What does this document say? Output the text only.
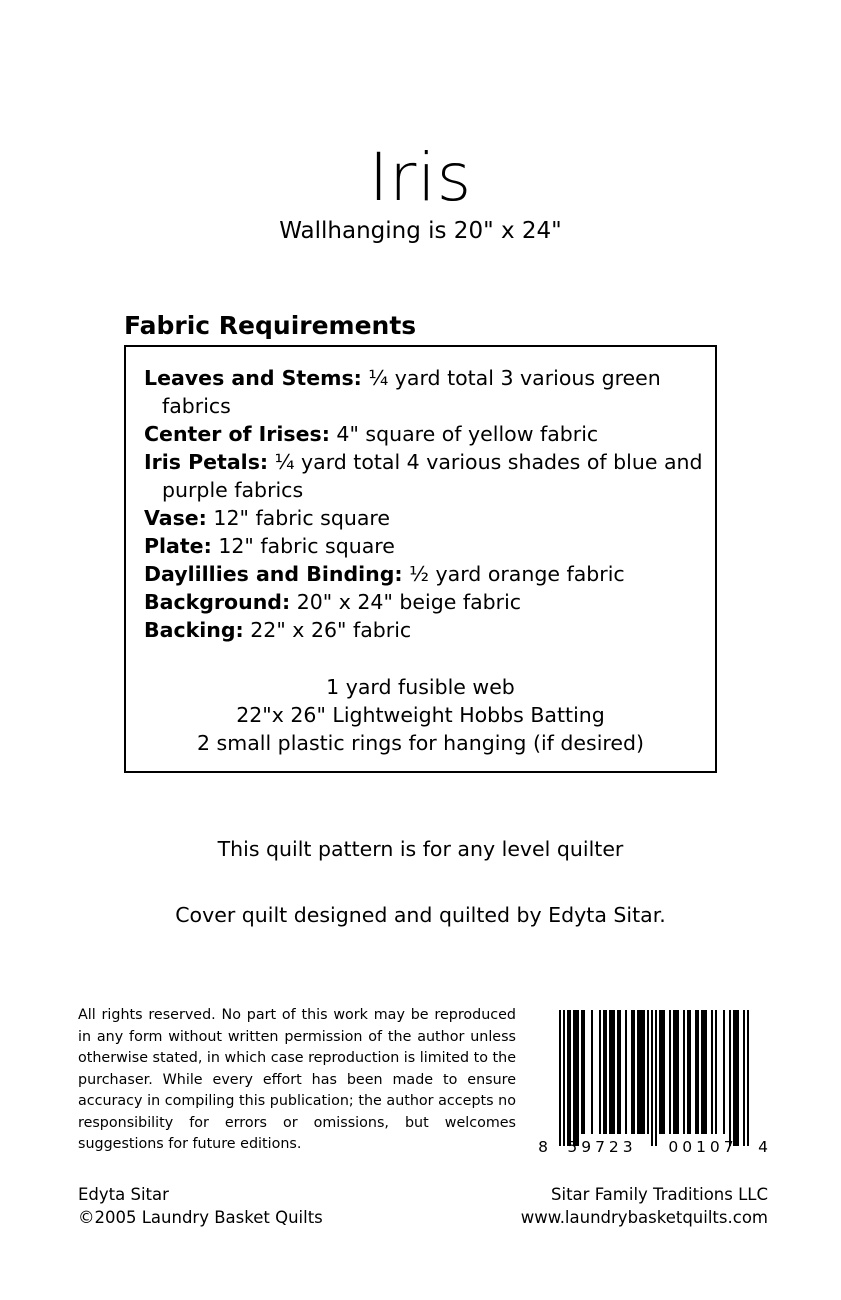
Iris
Wallhanging is 20" x 24"
Fabric Requirements
Leaves and Stems: ¼ yard total 3 various green fabrics
Center of Irises: 4" square of yellow fabric
Iris Petals: ¼ yard total 4 various shades of blue and purple fabrics
Vase: 12" fabric square
Plate: 12" fabric square
Daylillies and Binding: ½ yard orange fabric
Background: 20" x 24" beige fabric
Backing: 22" x 26" fabric
1 yard fusible web
22"x 26" Lightweight Hobbs Batting
2 small plastic rings for hanging (if desired)
This quilt pattern is for any level quilter
Cover quilt designed and quilted by Edyta Sitar.
All rights reserved. No part of this work may be reproduced in any form without written permission of the author unless otherwise stated, in which case reproduction is limited to the purchaser. While every effort has been made to ensure accuracy in compiling this publication; the author accepts no responsibility for errors or omissions, but welcomes suggestions for future editions.	8 59723 00107 4
Edyta Sitar
©2005 Laundry Basket Quilts
Sitar Family Traditions LLC
www.laundrybasketquilts.com
